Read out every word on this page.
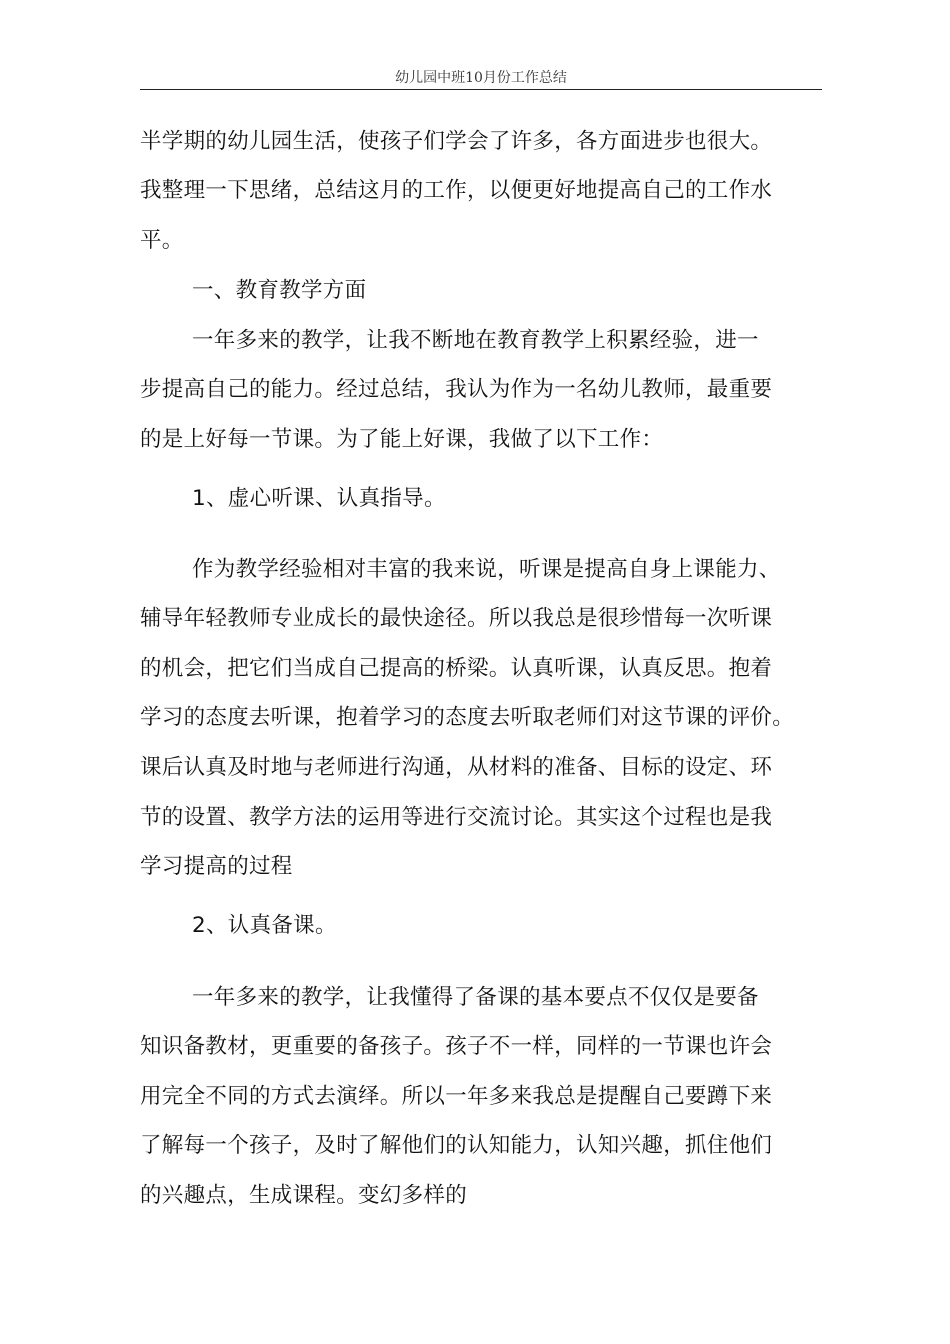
幼儿园中班10月份工作总结
半学期的幼儿园生活，使孩子们学会了许多，各方面进步也很大。
我整理一下思绪，总结这月的工作，以便更好地提高自己的工作水
平。
一、教育教学方面
一年多来的教学，让我不断地在教育教学上积累经验，进一
步提高自己的能力。经过总结，我认为作为一名幼儿教师，最重要
的是上好每一节课。为了能上好课，我做了以下工作：
1、虚心听课、认真指导。
作为教学经验相对丰富的我来说，听课是提高自身上课能力、
辅导年轻教师专业成长的最快途径。所以我总是很珍惜每一次听课
的机会，把它们当成自己提高的桥梁。认真听课，认真反思。抱着
学习的态度去听课，抱着学习的态度去听取老师们对这节课的评价。
课后认真及时地与老师进行沟通，从材料的准备、目标的设定、环
节的设置、教学方法的运用等进行交流讨论。其实这个过程也是我
学习提高的过程
2、认真备课。
一年多来的教学，让我懂得了备课的基本要点不仅仅是要备
知识备教材，更重要的备孩子。孩子不一样，同样的一节课也许会
用完全不同的方式去演绎。所以一年多来我总是提醒自己要蹲下来
了解每一个孩子，及时了解他们的认知能力，认知兴趣，抓住他们
的兴趣点，生成课程。变幻多样的
